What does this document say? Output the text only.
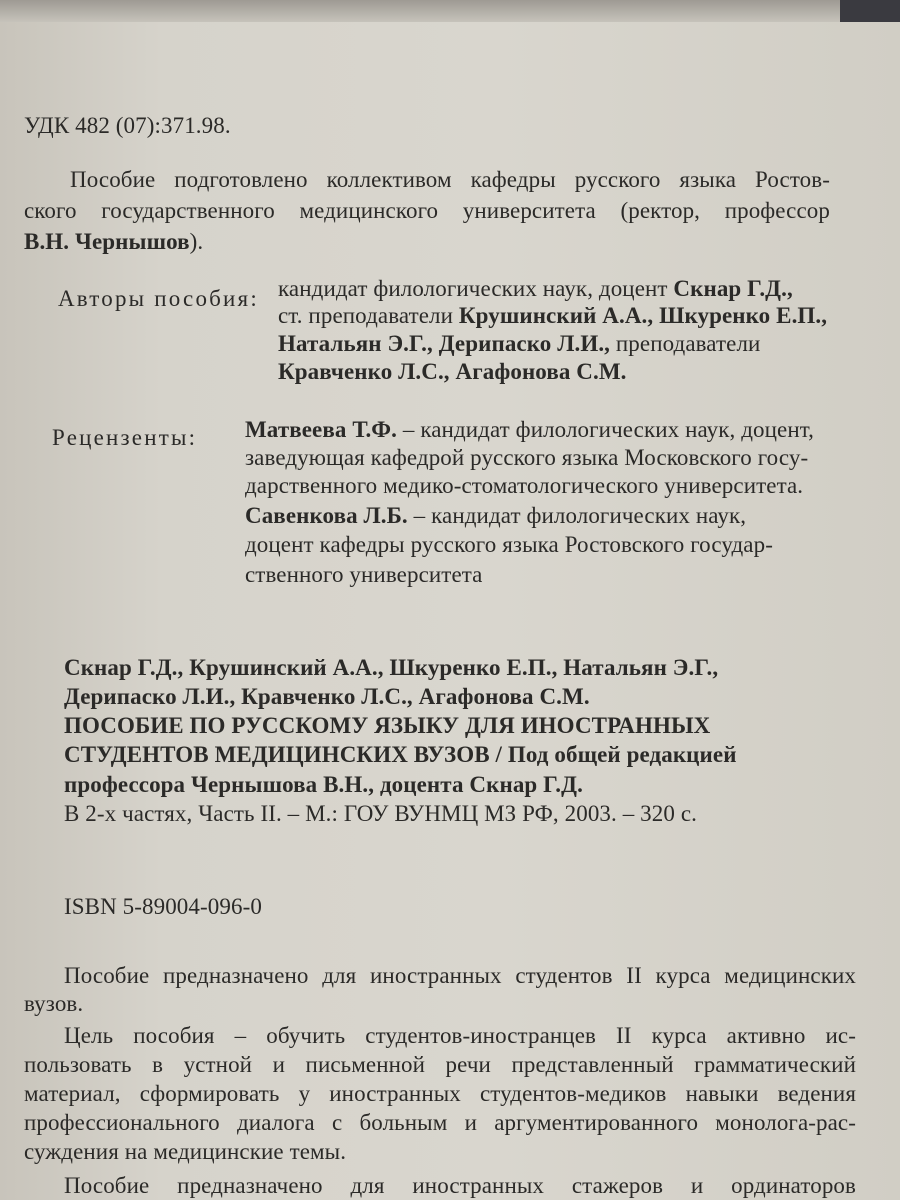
УДК 482 (07):371.98.
Пособие подготовлено коллективом кафедры русского языка Ростов-
ского государственного медицинского университета (ректор, профессор
В.Н. Чернышов).
Авторы пособия: кандидат филологических наук, доцент Скнар Г.Д.,
ст. преподаватели Крушинский А.А., Шкуренко Е.П.,
Натальян Э.Г., Дерипаско Л.И., преподаватели
Кравченко Л.С., Агафонова С.М.
Рецензенты: Матвеева Т.Ф. – кандидат филологических наук, доцент,
заведующая кафедрой русского языка Московского госу-
дарственного медико-стоматологического университета.
Савенкова Л.Б. – кандидат филологических наук,
доцент кафедры русского языка Ростовского государ-
ственного университета
Скнар Г.Д., Крушинский А.А., Шкуренко Е.П., Натальян Э.Г.,
Дерипаско Л.И., Кравченко Л.С., Агафонова С.М.
ПОСОБИЕ ПО РУССКОМУ ЯЗЫКУ ДЛЯ ИНОСТРАННЫХ
СТУДЕНТОВ МЕДИЦИНСКИХ ВУЗОВ / Под общей редакцией
профессора Чернышова В.Н., доцента Скнар Г.Д.
В 2-х частях, Часть II. – М.: ГОУ ВУНМЦ МЗ РФ, 2003. – 320 с.
ISBN 5-89004-096-0
Пособие предназначено для иностранных студентов II курса медицинских
вузов.
Цель пособия – обучить студентов-иностранцев II курса активно ис-
пользовать в устной и письменной речи представленный грамматический
материал, сформировать у иностранных студентов-медиков навыки ведения
профессионального диалога с больным и аргументированного монолога-рас-
суждения на медицинские темы.
Пособие предназначено для иностранных стажеров и ординаторов
